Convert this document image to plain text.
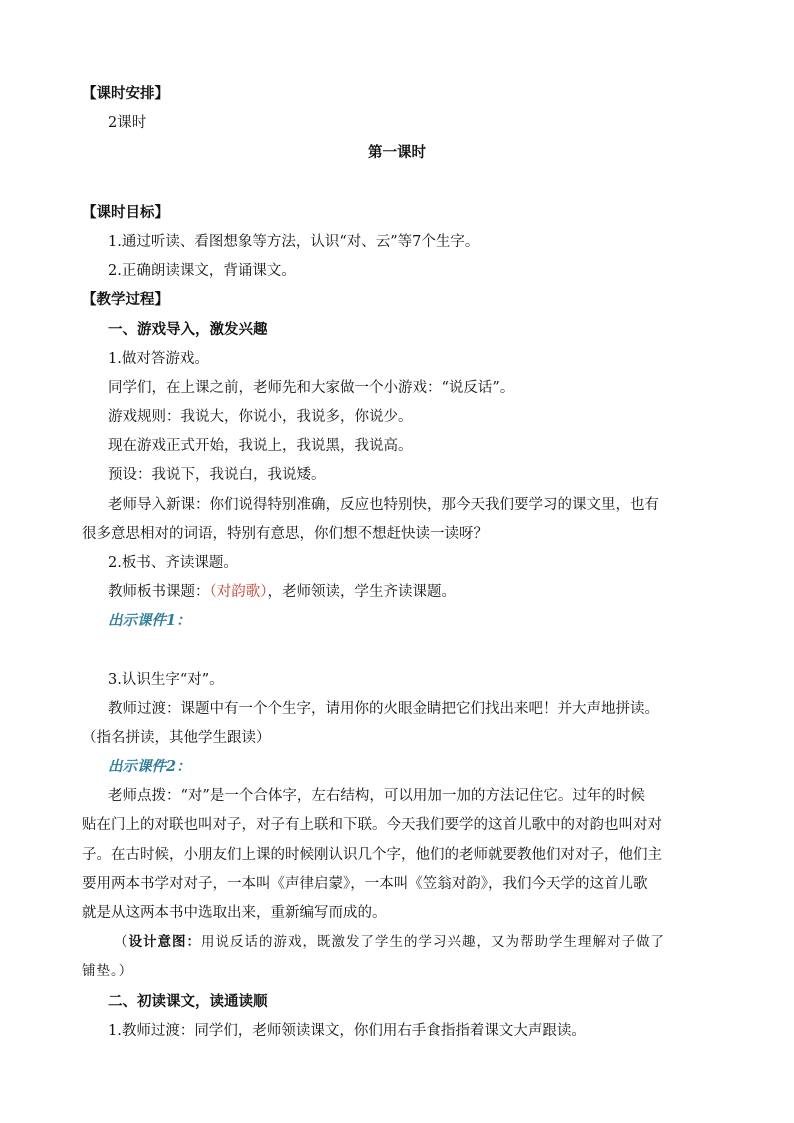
【课时安排】
2课时
第一课时
【课时目标】
1.通过听读、看图想象等方法，认识“对、云”等7个生字。
2.正确朗读课文，背诵课文。
【教学过程】
一、游戏导入，激发兴趣
1.做对答游戏。
同学们，在上课之前，老师先和大家做一个小游戏：“说反话”。
游戏规则：我说大，你说小，我说多，你说少。
现在游戏正式开始，我说上，我说黑，我说高。
预设：我说下，我说白，我说矮。
老师导入新课：你们说得特别准确，反应也特别快，那今天我们要学习的课文里，也有
很多意思相对的词语，特别有意思，你们想不想赶快读一读呀？
2.板书、齐读课题。
教师板书课题：（对韵歌），老师领读，学生齐读课题。
出示课件1：
3.认识生字“对”。
教师过渡：课题中有一个个生字，请用你的火眼金睛把它们找出来吧！并大声地拼读。
（指名拼读，其他学生跟读）
出示课件2：
老师点拨：“对”是一个合体字，左右结构，可以用加一加的方法记住它。过年的时候
贴在门上的对联也叫对子，对子有上联和下联。今天我们要学的这首儿歌中的对韵也叫对对
子。在古时候，小朋友们上课的时候刚认识几个字，他们的老师就要教他们对对子，他们主
要用两本书学对对子，一本叫《声律启蒙》，一本叫《笠翁对韵》，我们今天学的这首儿歌
就是从这两本书中选取出来，重新编写而成的。
（设计意图：用说反话的游戏，既激发了学生的学习兴趣，又为帮助学生理解对子做了
铺垫。）
二、初读课文，读通读顺
1.教师过渡：同学们，老师领读课文，你们用右手食指指着课文大声跟读。
